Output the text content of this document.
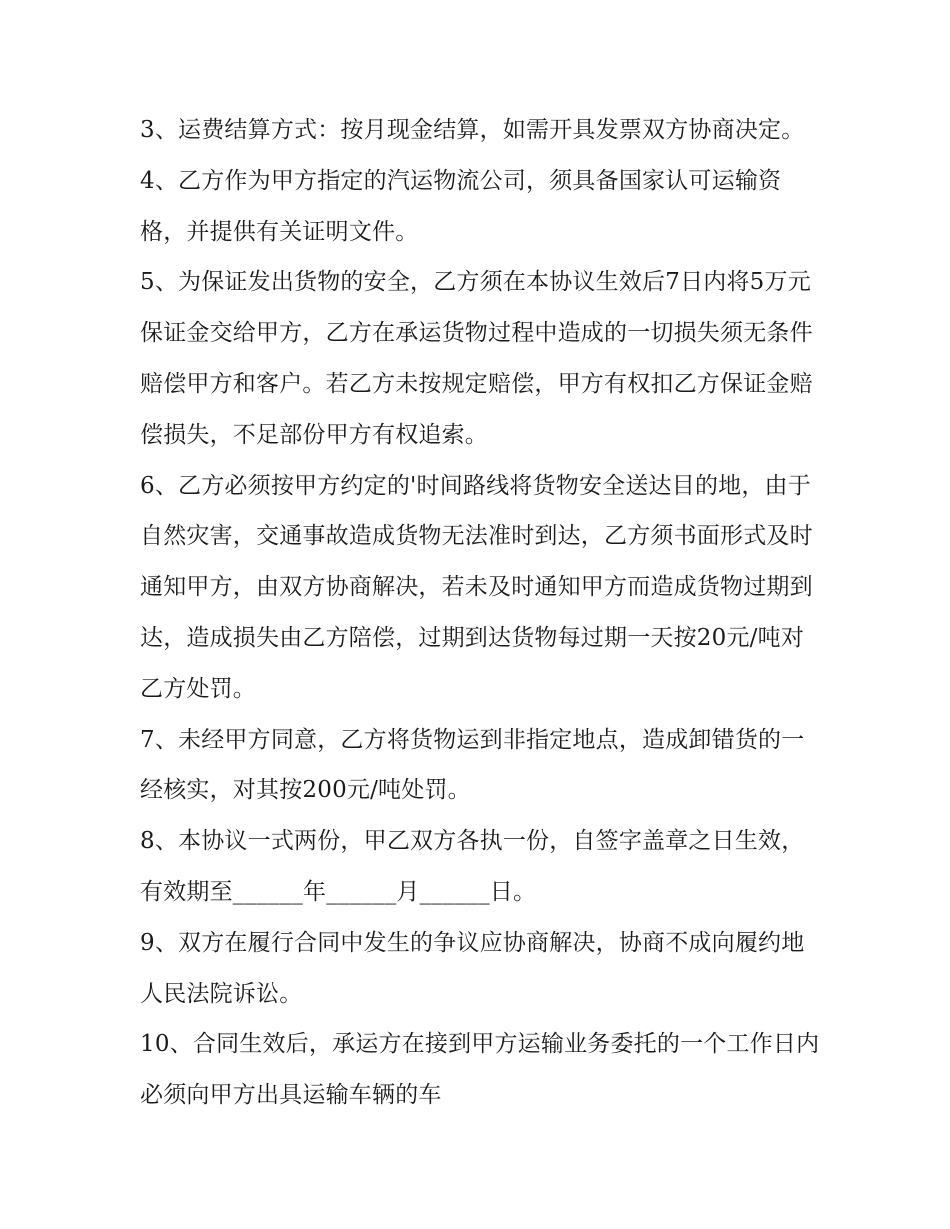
3、运费结算方式：按月现金结算，如需开具发票双方协商决定。 4、乙方作为甲方指定的汽运物流公司，须具备国家认可运输资格，并提供有关证明文件。

5、为保证发出货物的安全，乙方须在本协议生效后7日内将5万元保证金交给甲方，乙方在承运货物过程中造成的一切损失须无条件赔偿甲方和客户。若乙方未按规定赔偿，甲方有权扣乙方保证金赔偿损失，不足部份甲方有权追索。

6、乙方必须按甲方约定的'时间路线将货物安全送达目的地，由于自然灾害，交通事故造成货物无法准时到达，乙方须书面形式及时通知甲方，由双方协商解决，若未及时通知甲方而造成货物过期到达，造成损失由乙方陪偿，过期到达货物每过期一天按20元/吨对乙方处罚。

7、未经甲方同意，乙方将货物运到非指定地点，造成卸错货的一经核实，对其按200元/吨处罚。

8、本协议一式两份，甲乙双方各执一份，自签字盖章之日生效，有效期至______年______月______日。

9、双方在履行合同中发生的争议应协商解决，协商不成向履约地人民法院诉讼。

10、合同生效后，承运方在接到甲方运输业务委托的一个工作日内必须向甲方出具运输车辆的车
